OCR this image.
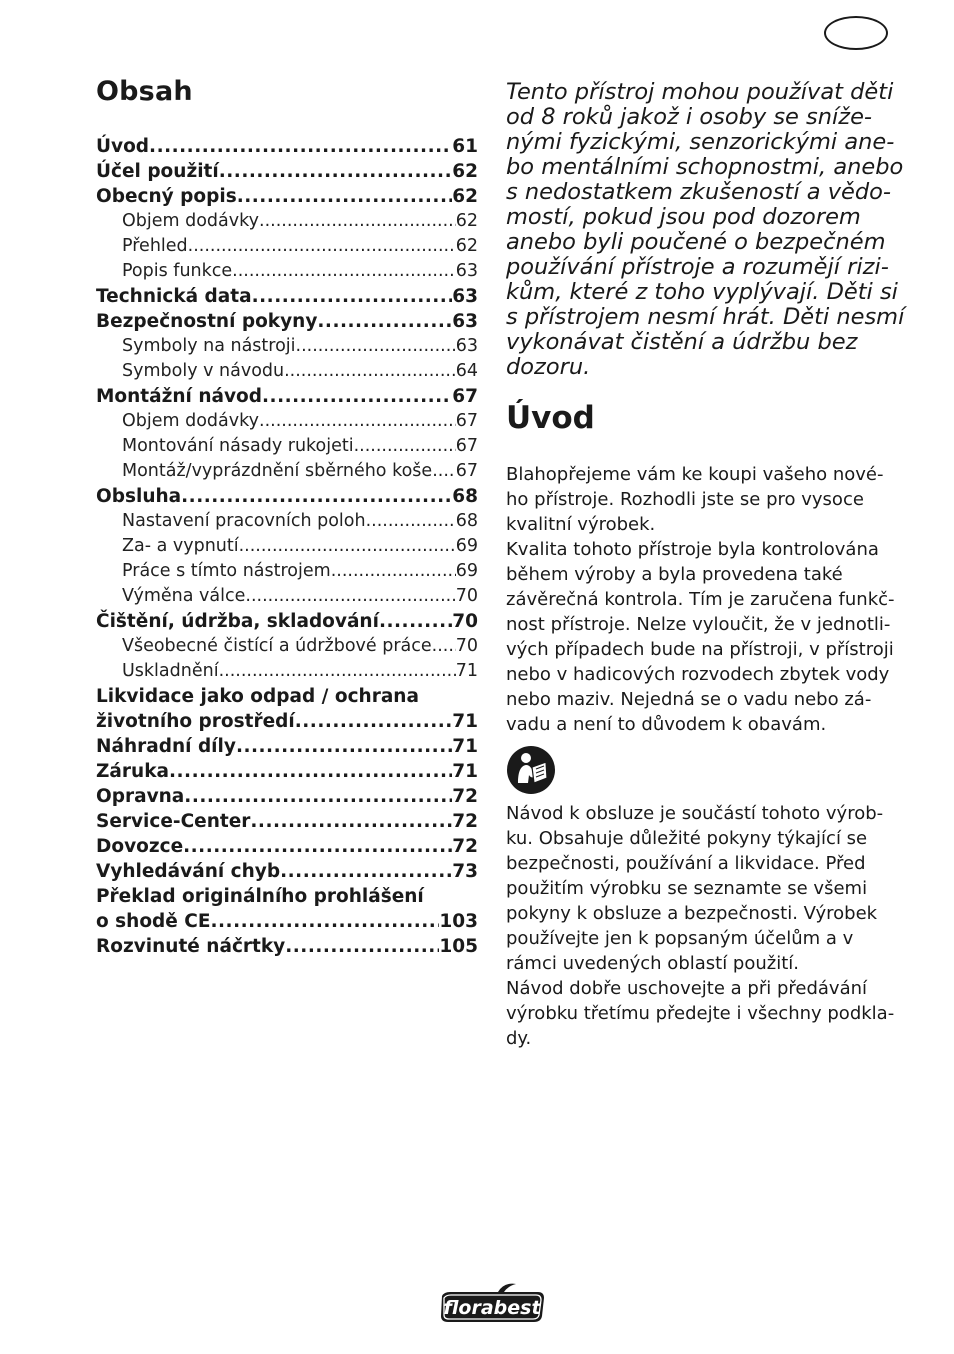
Obsah
Úvod .....	61
Účel použití .....	62
Obecný popis .....	62
Objem dodávky .....	62
Přehled .....	62
Popis funkce .....	63
Technická data .....	63
Bezpečnostní pokyny .....	63
Symboly na nástroji .....	63
Symboly v návodu .....	64
Montážní návod .....	67
Objem dodávky .....	67
Montování násady rukojeti .....	67
Montáž/vyprázdnění sběrného koše ..... 67
Obsluha .....	68
Nastavení pracovních poloh .....	68
Za- a vypnutí .....	69
Práce s tímto nástrojem .....	69
Výměna válce .....	70
Čištění, údržba, skladování .....	70
Všeobecné čistící a údržbové práce ..... 70
Uskladnění .....	71
Likvidace jako odpad / ochrana
životního prostředí .....	71
Náhradní díly .....	71
Záruka .....	71
Opravna .....	72
Service-Center .....	72
Dovozce .....	72
Vyhledávání chyb .....	73
Překlad originálního prohlášení
o shodě CE .....	103
Rozvinuté náčrtky .....	105

Tento přístroj mohou používat děti
od 8 roků jakož i osoby se sníže-
nými fyzickými, senzorickými ane-
bo mentálními schopnostmi, anebo
s nedostatkem zkušeností a vědo-
mostí, pokud jsou pod dozorem
anebo byli poučené o bezpečném
používání přístroje a rozumějí rizi-
kům, které z toho vyplývají. Děti si
s přístrojem nesmí hrát. Děti nesmí
vykonávat čistění a údržbu bez
dozoru.

Úvod

Blahopřejeme vám ke koupi vašeho nové-
ho přístroje. Rozhodli jste se pro vysoce
kvalitní výrobek.
Kvalita tohoto přístroje byla kontrolována
během výroby a byla provedena také
závěrečná kontrola. Tím je zaručena funkč-
nost přístroje. Nelze vyloučit, že v jednotli-
vých případech bude na přístroji, v přístroji
nebo v hadicových rozvodech zbytek vody
nebo maziv. Nejedná se o vadu nebo zá-
vadu a není to důvodem k obavám.

Návod k obsluze je součástí tohoto výrob-
ku. Obsahuje důležité pokyny týkající se
bezpečnosti, používání a likvidace. Před
použitím výrobku se seznamte se všemi
pokyny k obsluze a bezpečnosti. Výrobek
používejte jen k popsaným účelům a v
rámci uvedených oblastí použití.
Návod dobře uschovejte a při předávání
výrobku třetímu předejte i všechny podkla-
dy.

florabest
